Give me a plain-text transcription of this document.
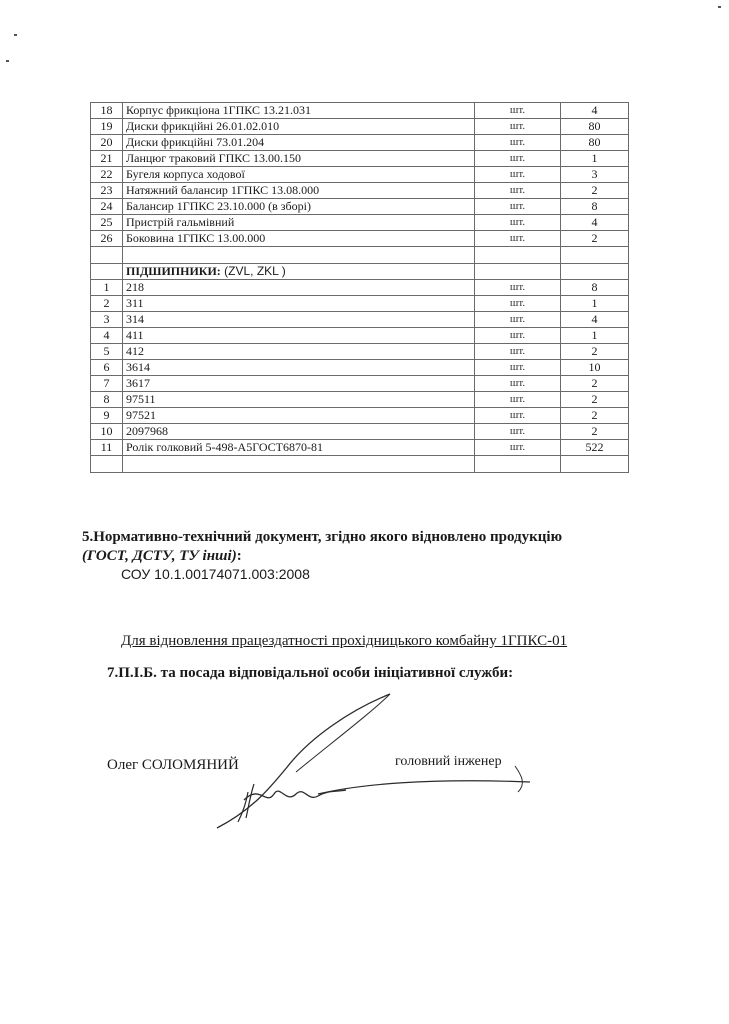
18	Корпус фрикціона 1ГПКС 13.21.031	шт.	4
19	Диски фрикційні 26.01.02.010	шт.	80
20	Диски фрикційні 73.01.204	шт.	80
21	Ланцюг траковий ГПКС 13.00.150	шт.	1
22	Бугеля корпуса ходової	шт.	3
23	Натяжний балансир 1ГПКС 13.08.000	шт.	2
24	Балансир 1ГПКС 23.10.000 (в зборі)	шт.	8
25	Пристрій гальмівний	шт.	4
26	Боковина 1ГПКС 13.00.000	шт.	2

	ПІДШИПНИКИ: (ZVL, ZKL )		
1	218	шт.	8
2	311	шт.	1
3	314	шт.	4
4	411	шт.	1
5	412	шт.	2
6	3614	шт.	10
7	3617	шт.	2
8	97511	шт.	2
9	97521	шт.	2
10	2097968	шт.	2
11	Ролік голковий 5-498-А5ГОСТ6870-81	шт.	522

5.Нормативно-технічний документ, згідно якого відновлено продукцію
(ГОСТ, ДСТУ, ТУ інші):
СОУ 10.1.00174071.003:2008
Для відновлення працездатності прохідницького комбайну 1ГПКС-01
7.П.І.Б. та посада відповідальної особи ініціативної служби:
Олег СОЛОМЯНИЙ	головний інженер
